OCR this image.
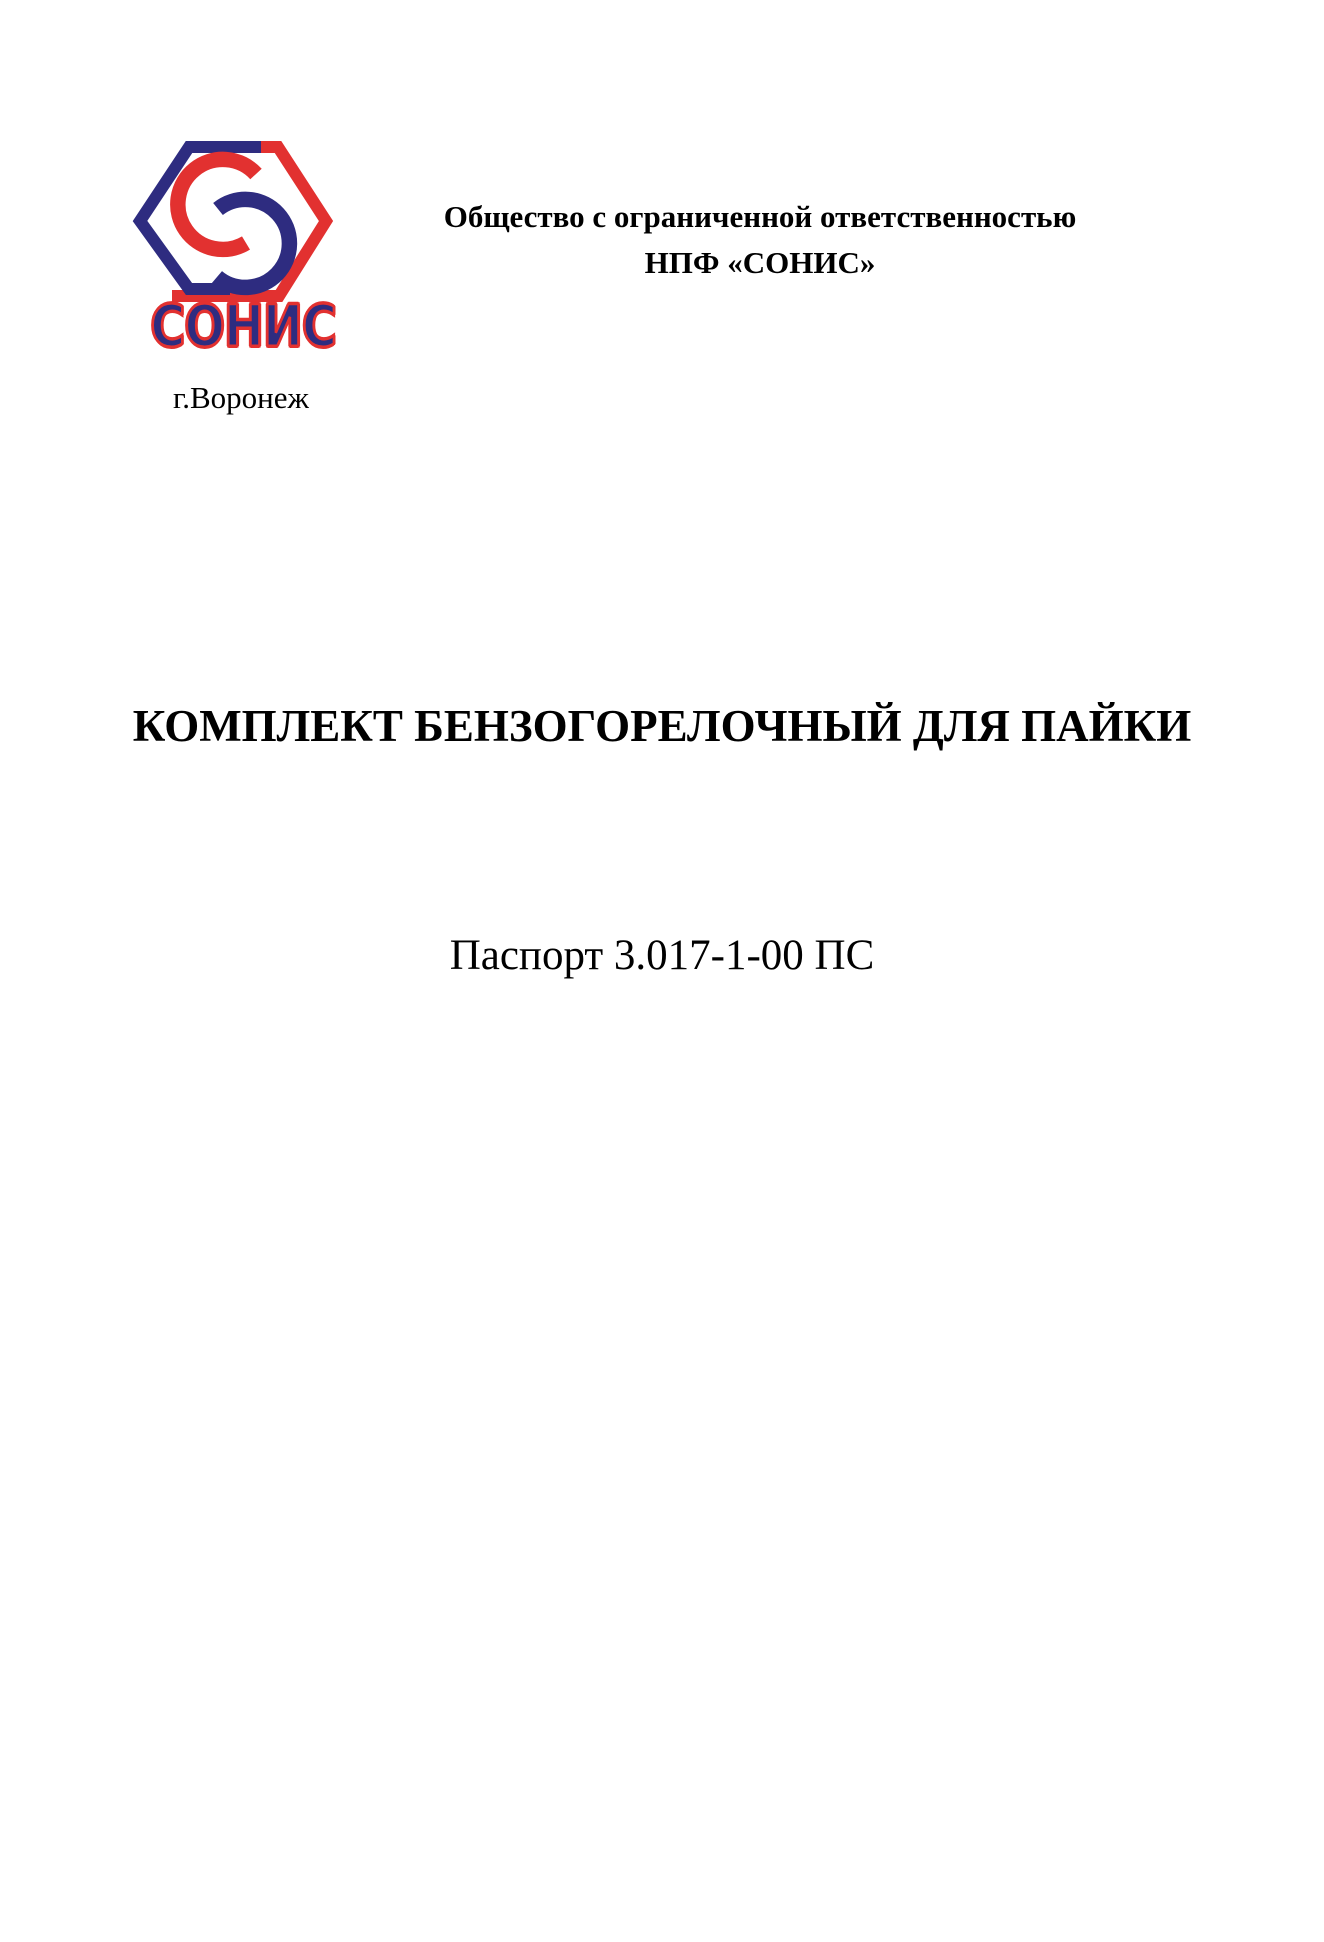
Общество с ограниченной ответственностью
НПФ «СОНИС»
СОНИС
г.Воронеж
КОМПЛЕКТ БЕНЗОГОРЕЛОЧНЫЙ ДЛЯ ПАЙКИ
Паспорт 3.017-1-00 ПС
